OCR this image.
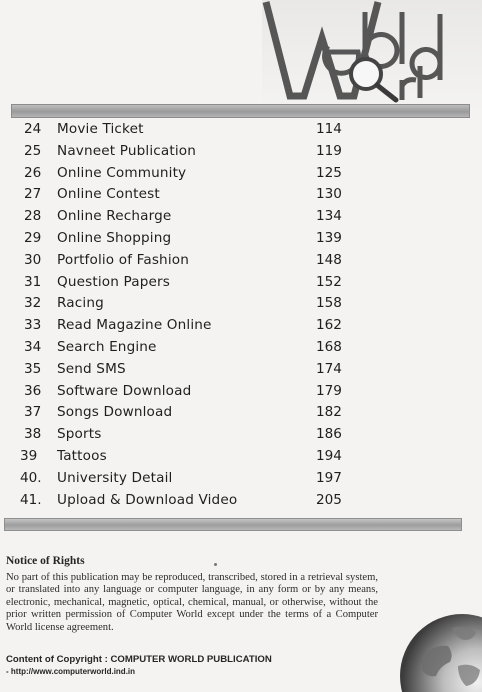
24 Movie Ticket	114
25 Navneet Publication	119
26 Online Community	125
27 Online Contest	130
28 Online Recharge	134
29 Online Shopping	139
30 Portfolio of Fashion	148
31 Question Papers	152
32 Racing	158
33 Read Magazine Online	162
34 Search Engine	168
35 Send SMS	174
36 Software Download	179
37 Songs Download	182
38 Sports	186
39 Tattoos	194
40. University Detail	197
41. Upload & Download Video	205
Notice of Rights

No part of this publication may be reproduced, transcribed, stored in a retrieval system, or translated into any language or computer language, in any form or by any means, electronic, mechanical, magnetic, optical, chemical, manual, or otherwise, without the prior written permission of Computer World except under the terms of a Computer World license agreement.

Content of Copyright : COMPUTER WORLD PUBLICATION
- http://www.computerworld.ind.in
